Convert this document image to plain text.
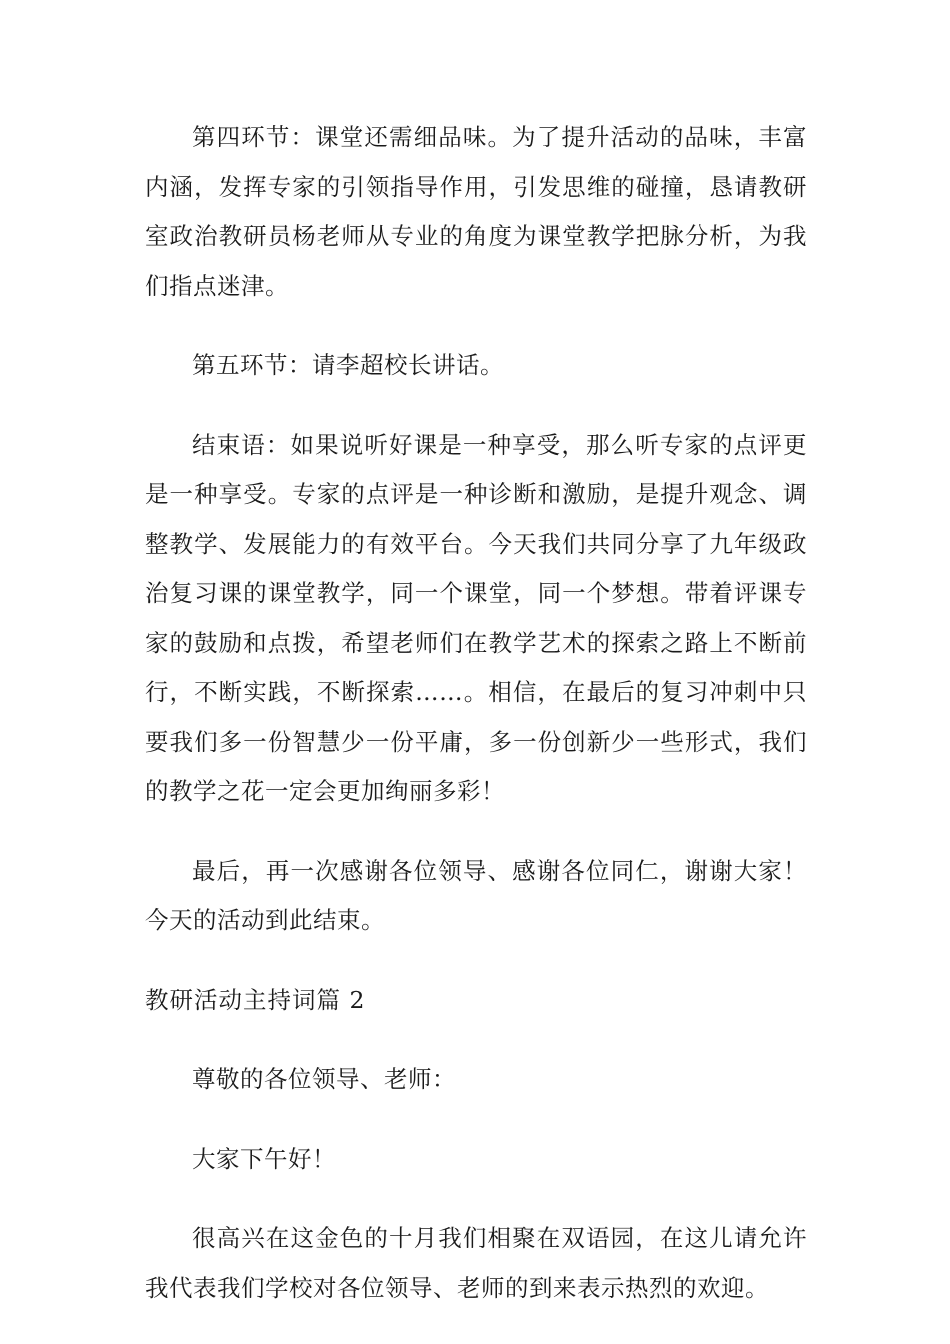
第四环节：课堂还需细品味。为了提升活动的品味，丰富内涵，发挥专家的引领指导作用，引发思维的碰撞，恳请教研室政治教研员杨老师从专业的角度为课堂教学把脉分析，为我们指点迷津。

第五环节：请李超校长讲话。

结束语：如果说听好课是一种享受，那么听专家的点评更是一种享受。专家的点评是一种诊断和激励，是提升观念、调整教学、发展能力的有效平台。今天我们共同分享了九年级政治复习课的课堂教学，同一个课堂，同一个梦想。带着评课专家的鼓励和点拨，希望老师们在教学艺术的探索之路上不断前行，不断实践，不断探索……。相信，在最后的复习冲刺中只要我们多一份智慧少一份平庸，多一份创新少一些形式，我们的教学之花一定会更加绚丽多彩！

最后，再一次感谢各位领导、感谢各位同仁，谢谢大家！今天的活动到此结束。

教研活动主持词篇 2

尊敬的各位领导、老师：

大家下午好！

很高兴在这金色的十月我们相聚在双语园，在这儿请允许我代表我们学校对各位领导、老师的到来表示热烈的欢迎。
